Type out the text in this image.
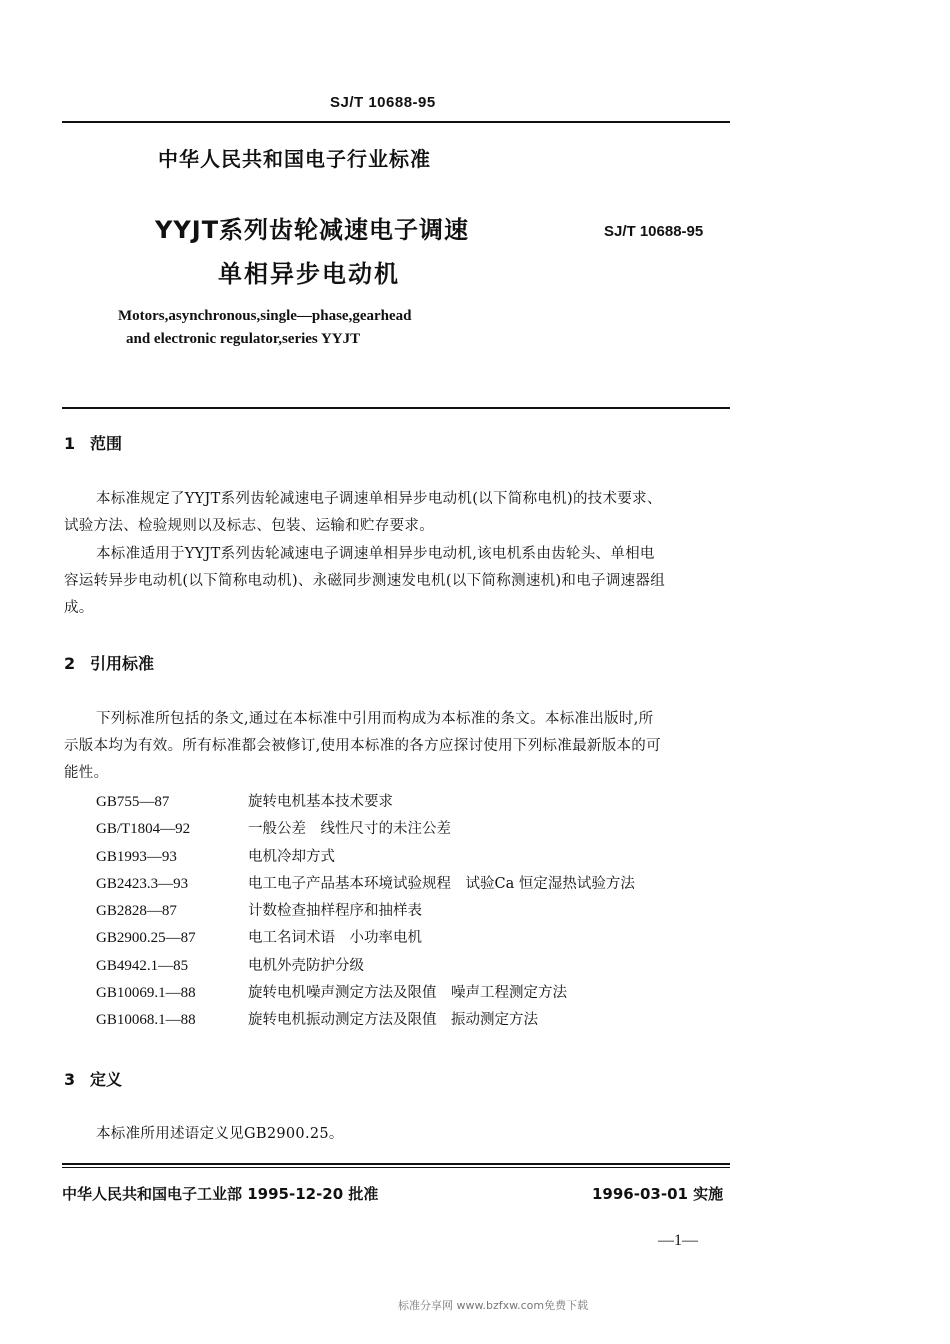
SJ/T 10688-95
中华人民共和国电子行业标准
YYJT系列齿轮减速电子调速
单相异步电动机
SJ/T 10688-95
Motors,asynchronous,single—phase,gearhead
and electronic regulator,series YYJT
1 范围
本标准规定了YYJT系列齿轮减速电子调速单相异步电动机(以下简称电机)的技术要求、
试验方法、检验规则以及标志、包装、运输和贮存要求。
本标准适用于YYJT系列齿轮减速电子调速单相异步电动机,该电机系由齿轮头、单相电
容运转异步电动机(以下简称电动机)、永磁同步测速发电机(以下简称测速机)和电子调速器组
成。
2 引用标准
下列标准所包括的条文,通过在本标准中引用而构成为本标准的条文。本标准出版时,所
示版本均为有效。所有标准都会被修订,使用本标准的各方应探讨使用下列标准最新版本的可
能性。
GB755—87	旋转电机基本技术要求
GB/T1804—92	一般公差　线性尺寸的未注公差
GB1993—93	电机冷却方式
GB2423.3—93	电工电子产品基本环境试验规程　试验Ca 恒定湿热试验方法
GB2828—87	计数检查抽样程序和抽样表
GB2900.25—87	电工名词术语　小功率电机
GB4942.1—85	电机外壳防护分级
GB10069.1—88	旋转电机噪声测定方法及限值　噪声工程测定方法
GB10068.1—88	旋转电机振动测定方法及限值　振动测定方法
3 定义
本标准所用述语定义见GB2900.25。
中华人民共和国电子工业部 1995-12-20 批准	1996-03-01 实施
—1—
标准分享网 www.bzfxw.com免费下载
